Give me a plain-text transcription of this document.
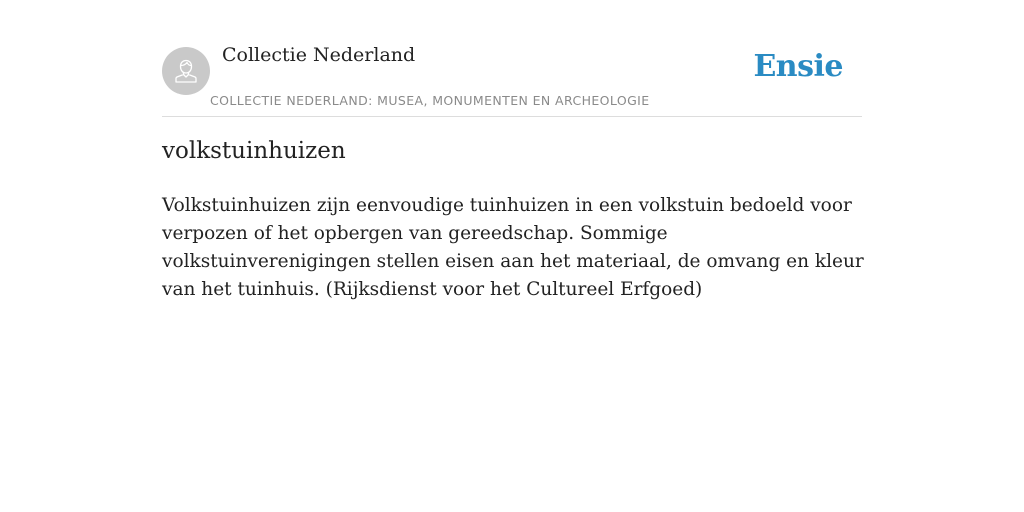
Collectie Nederland
COLLECTIE NEDERLAND: MUSEA, MONUMENTEN EN ARCHEOLOGIE
Ensie
volkstuinhuizen

Volkstuinhuizen zijn eenvoudige tuinhuizen in een volkstuin bedoeld voor verpozen of het opbergen van gereedschap. Sommige volkstuinverenigingen stellen eisen aan het materiaal, de omvang en kleur van het tuinhuis. (Rijksdienst voor het Cultureel Erfgoed)
